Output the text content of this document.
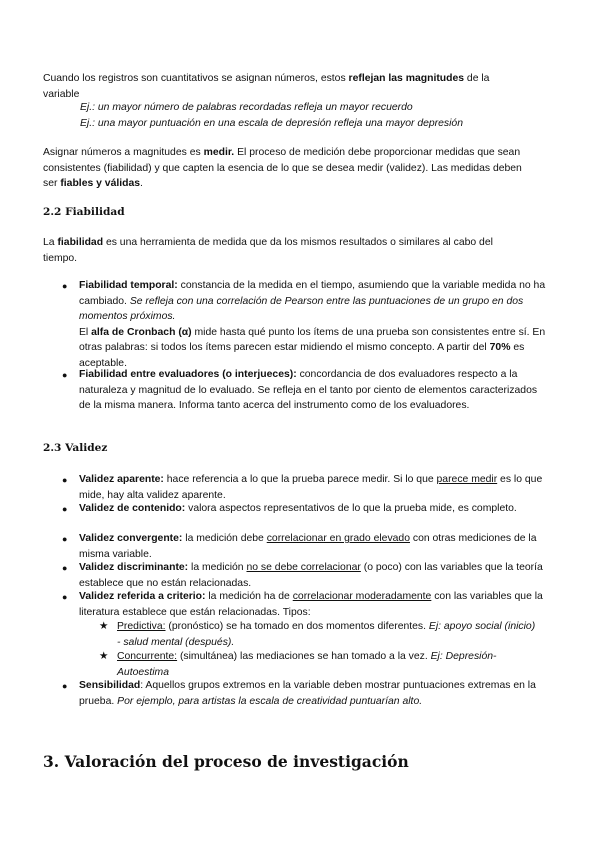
Cuando los registros son cuantitativos se asignan números, estos reflejan las magnitudes de la variable

Ej.: un mayor número de palabras recordadas refleja un mayor recuerdo

Ej.: una mayor puntuación en una escala de depresión refleja una mayor depresión

Asignar números a magnitudes es medir. El proceso de medición debe proporcionar medidas que sean consistentes (fiabilidad) y que capten la esencia de lo que se desea medir (validez). Las medidas deben ser fiables y válidas.

2.2 Fiabilidad

La fiabilidad es una herramienta de medida que da los mismos resultados o similares al cabo del tiempo.

● Fiabilidad temporal: constancia de la medida en el tiempo, asumiendo que la variable medida no ha cambiado. Se refleja con una correlación de Pearson entre las puntuaciones de un grupo en dos momentos próximos.
El alfa de Cronbach (α) mide hasta qué punto los ítems de una prueba son consistentes entre sí. En otras palabras: si todos los ítems parecen estar midiendo el mismo concepto. A partir del 70% es aceptable.

● Fiabilidad entre evaluadores (o interjueces): concordancia de dos evaluadores respecto a la naturaleza y magnitud de lo evaluado. Se refleja en el tanto por ciento de elementos caracterizados de la misma manera. Informa tanto acerca del instrumento como de los evaluadores.

2.3 Validez

● Validez aparente: hace referencia a lo que la prueba parece medir. Si lo que parece medir es lo que mide, hay alta validez aparente.

● Validez de contenido: valora aspectos representativos de lo que la prueba mide, es completo.

● Validez convergente: la medición debe correlacionar en grado elevado con otras mediciones de la misma variable.

● Validez discriminante: la medición no se debe correlacionar (o poco) con las variables que la teoría establece que no están relacionadas.

● Validez referida a criterio: la medición ha de correlacionar moderadamente con las variables que la literatura establece que están relacionadas. Tipos:

★ Predictiva: (pronóstico) se ha tomado en dos momentos diferentes. Ej: apoyo social (inicio) - salud mental (después).

★ Concurrente: (simultánea) las mediaciones se han tomado a la vez. Ej: Depresión-Autoestima

● Sensibilidad: Aquellos grupos extremos en la variable deben mostrar puntuaciones extremas en la prueba. Por ejemplo, para artistas la escala de creatividad puntuarían alto.

3. Valoración del proceso de investigación
